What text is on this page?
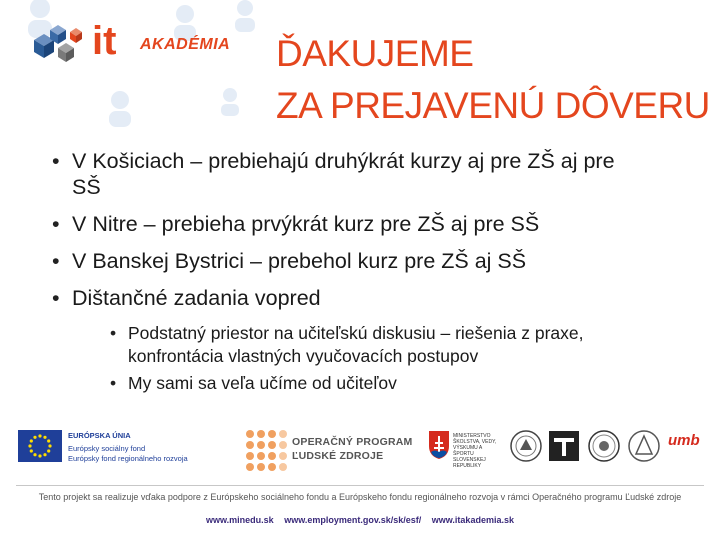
it AKADÉMIA ĎAKUJEME
ZA PREJAVENÚ DÔVERU
• V Košiciach – prebiehajú druhýkrát kurzy aj pre ZŠ aj pre SŠ
• V Nitre – prebieha prvýkrát kurz pre ZŠ aj pre SŠ
• V Banskej Bystrici – prebehol kurz pre ZŠ aj SŠ
• Dištančné zadania vopred
• Podstatný priestor na učiteľskú diskusiu – riešenia z praxe, konfrontácia vlastných vyučovacích postupov
• My sami sa veľa učíme od učiteľov
EURÓPSKA ÚNIA
Európsky sociálny fond
Európsky fond regionálneho rozvoja
OPERAČNÝ PROGRAM
ĽUDSKÉ ZDROJE
MINISTERSTVO ŠKOLSTVA, VEDY, VÝSKUMU A ŠPORTU SLOVENSKEJ REPUBLIKY
umb
Tento projekt sa realizuje vďaka podpore z Európskeho sociálneho fondu a Európskeho fondu regionálneho rozvoja v rámci Operačného programu Ľudské zdroje
www.minedu.sk www.employment.gov.sk/sk/esf/ www.itakademia.sk
